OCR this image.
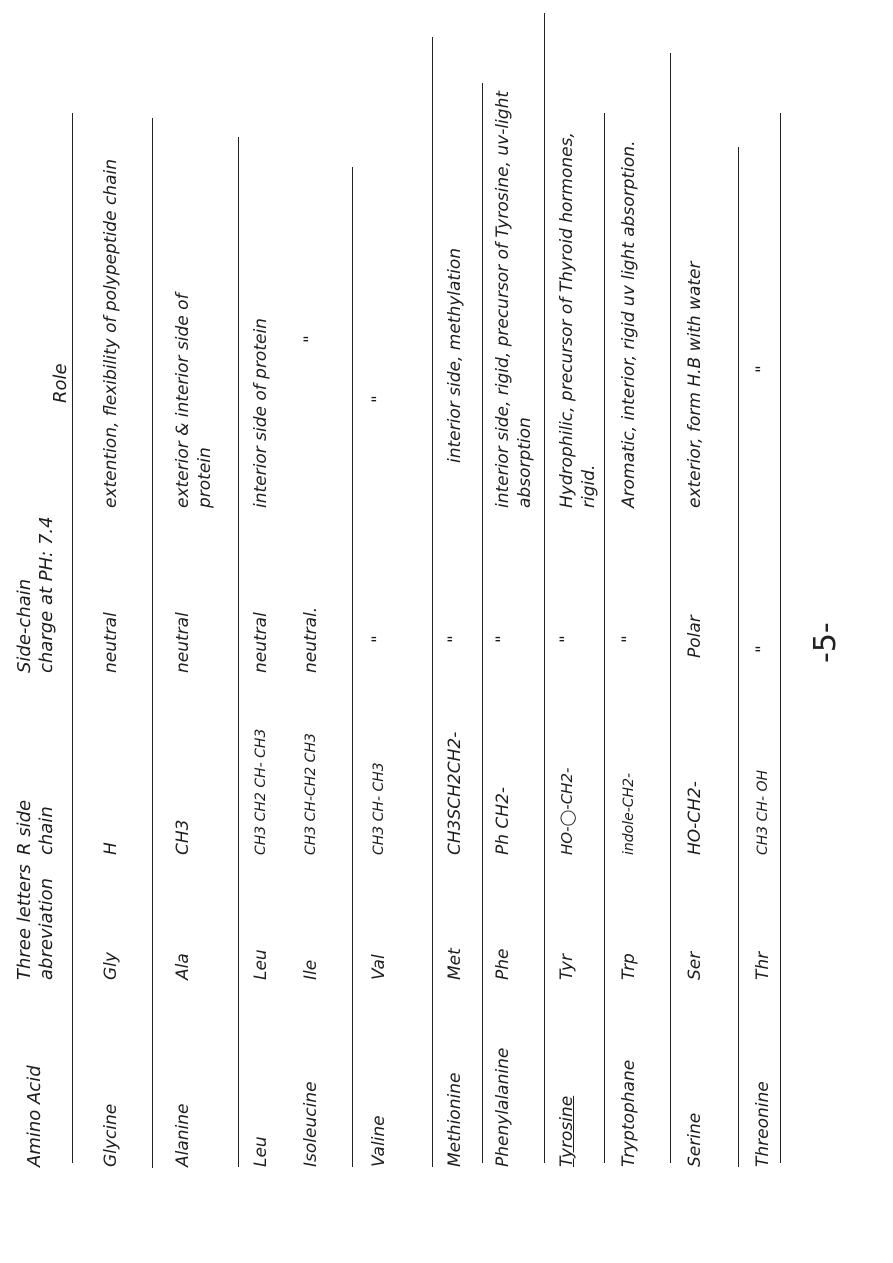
Amino Acid
Three letters abreviation
R side chain
Side-chain charge at PH: 7.4
Role
Glycine
Gly
H
neutral
extention, flexibility of polypeptide chain
Alanine
Ala
CH3
neutral
exterior & interior side of protein
Leu
Leu
CH3 CH2 CH- CH3
neutral
interior side of protein
Isoleucine
Ile
CH3 CH-CH2 CH3
neutral.
"
Valine
Val
CH3 CH- CH3
"
"
Methionine
Met
CH3SCH2CH2-
"
interior side, methylation
Phenylalanine
Phe
Ph CH2-
"
interior side, rigid, precursor of Tyrosine, uv-light absorption
Tyrosine
Tyr
HO-◯-CH2-
"
Hydrophilic, precursor of Thyroid hormones, rigid.
Tryptophane
Trp
indole-CH2-
"
Aromatic, interior, rigid uv light absorption.
Serine
Ser
HO-CH2-
Polar
exterior, form H.B with water
Threonine
Thr
CH3 CH- OH
"
"
-5-
